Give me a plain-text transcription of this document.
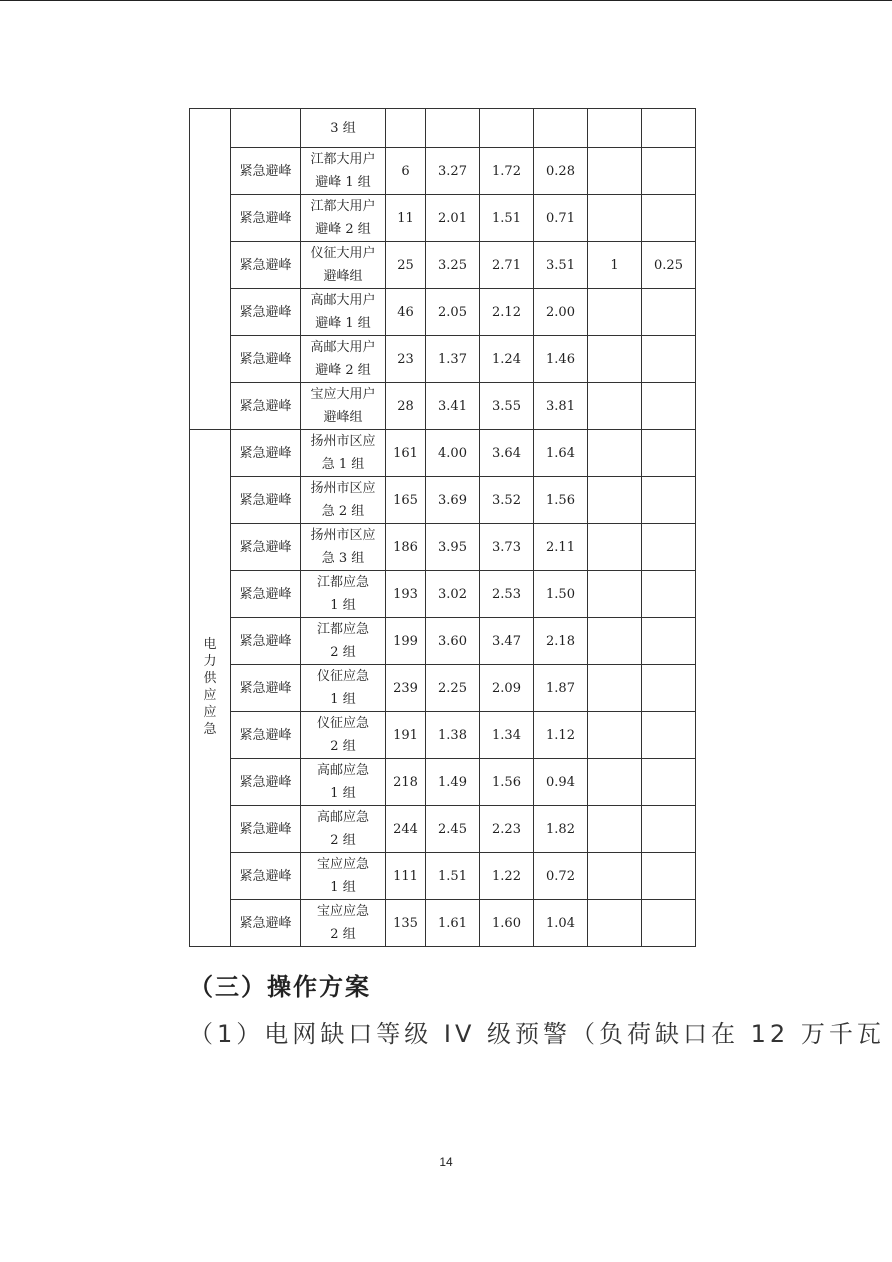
		3 组						

	紧急避峰	江都大用户
避峰 1 组	6	3.27	1.72	0.28		
	紧急避峰	江都大用户
避峰 2 组	11	2.01	1.51	0.71		
	紧急避峰	仪征大用户
避峰组	25	3.25	2.71	3.51	1	0.25
	紧急避峰	高邮大用户
避峰 1 组	46	2.05	2.12	2.00		
	紧急避峰	高邮大用户
避峰 2 组	23	1.37	1.24	1.46		
	紧急避峰	宝应大用户
避峰组	28	3.41	3.55	3.81		
电力供应应急	紧急避峰	扬州市区应
急 1 组	161	4.00	3.64	1.64		
	紧急避峰	扬州市区应
急 2 组	165	3.69	3.52	1.56		
	紧急避峰	扬州市区应
急 3 组	186	3.95	3.73	2.11		
	紧急避峰	江都应急
1 组	193	3.02	2.53	1.50		
	紧急避峰	江都应急
2 组	199	3.60	3.47	2.18		
	紧急避峰	仪征应急
1 组	239	2.25	2.09	1.87		
	紧急避峰	仪征应急
2 组	191	1.38	1.34	1.12		
	紧急避峰	高邮应急
1 组	218	1.49	1.56	0.94		
	紧急避峰	高邮应急
2 组	244	2.45	2.23	1.82		
	紧急避峰	宝应应急
1 组	111	1.51	1.22	0.72		
	紧急避峰	宝应应急
2 组	135	1.61	1.60	1.04		
（三）操作方案
（1）电网缺口等级 IV 级预警（负荷缺口在 12 万千瓦
14
